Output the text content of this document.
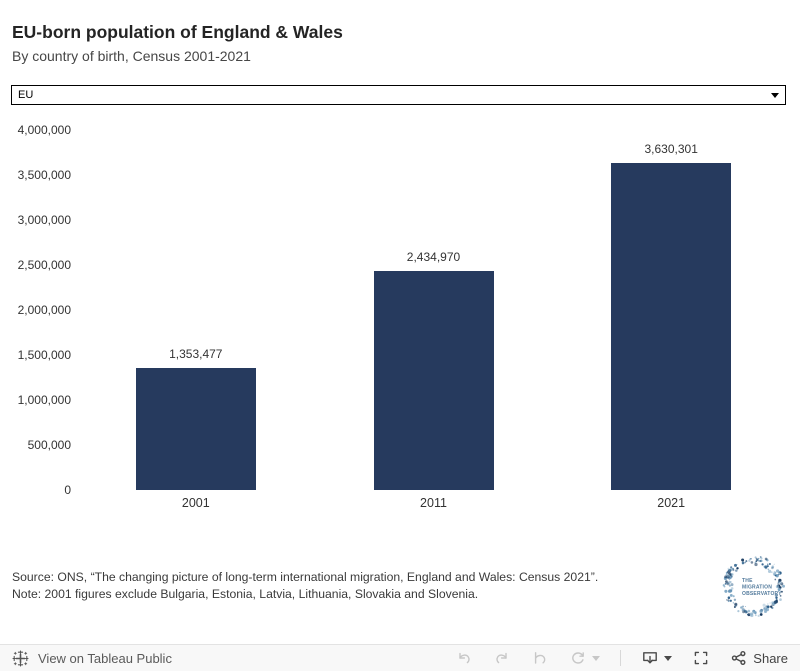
EU-born population of England & Wales
By country of birth, Census 2001-2021
EU
4,000,000
3,500,000
3,000,000
2,500,000
2,000,000
1,500,000
1,000,000
500,000
0
1,353,477
2001
2,434,970
2011
3,630,301
2021
Source: ONS, “The changing picture of long-term international migration, England and Wales: Census 2021”.
Note: 2001 figures exclude Bulgaria, Estonia, Latvia, Lithuania, Slovakia and Slovenia.
THE
MIGRATION
OBSERVATORY
View on Tableau Public	Share
